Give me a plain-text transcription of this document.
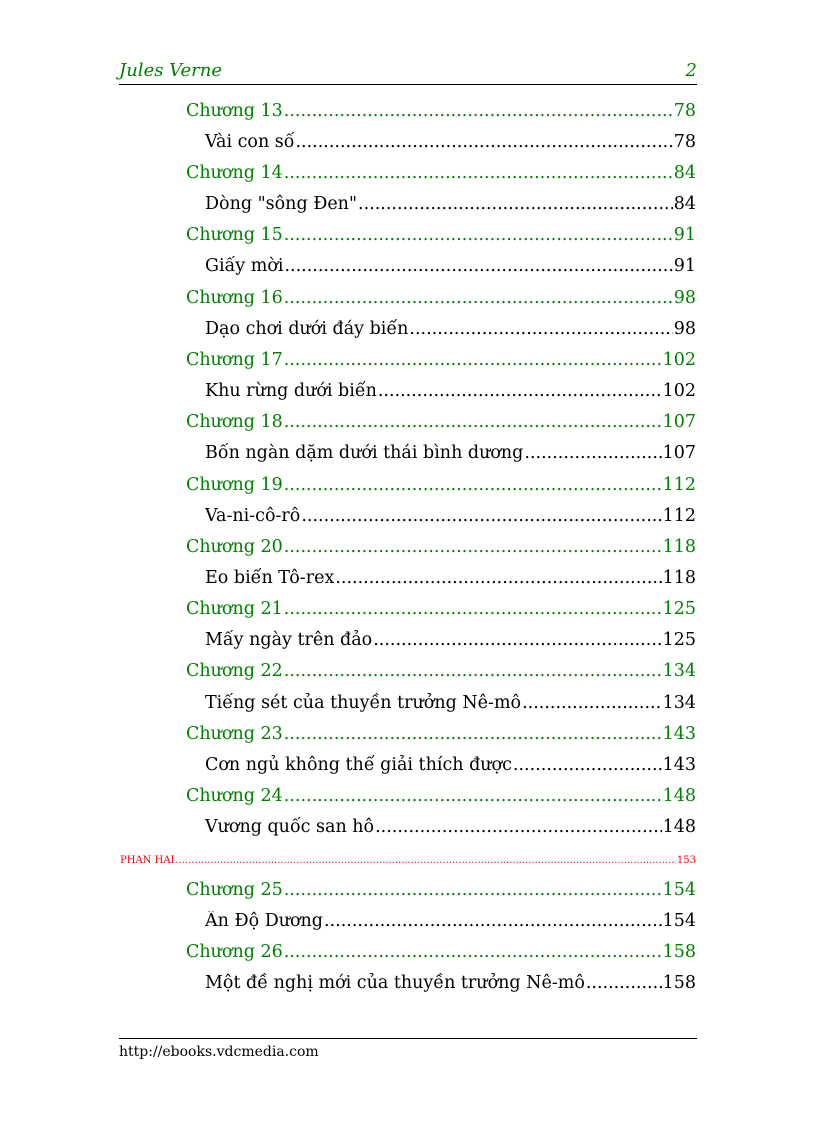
Jules Verne	2
Chương 13 .....	78
Vài con số .....	78
Chương 14 .....	84
Dòng "sông Đen" .....	84
Chương 15 .....	91
Giấy mời .....	91
Chương 16 .....	98
Dạo chơi dưới đáy biển .....	98
Chương 17 .....	102
Khu rừng dưới biển .....	102
Chương 18 .....	107
Bốn ngàn dặm dưới thái bình dương .....	107
Chương 19 .....	112
Va-ni-cô-rô .....	112
Chương 20 .....	118
Eo biển Tô-rex .....	118
Chương 21 .....	125
Mấy ngày trên đảo .....	125
Chương 22 .....	134
Tiếng sét của thuyền trưởng Nê-mô .....	134
Chương 23 .....	143
Cơn ngủ không thể giải thích được .....	143
Chương 24 .....	148
Vương quốc san hô .....	148
PHẦN HAI .....	153
Chương 25 .....	154
Ấn Độ Dương .....	154
Chương 26 .....	158
Một đề nghị mới của thuyền trưởng Nê-mô .....	158
http://ebooks.vdcmedia.com
